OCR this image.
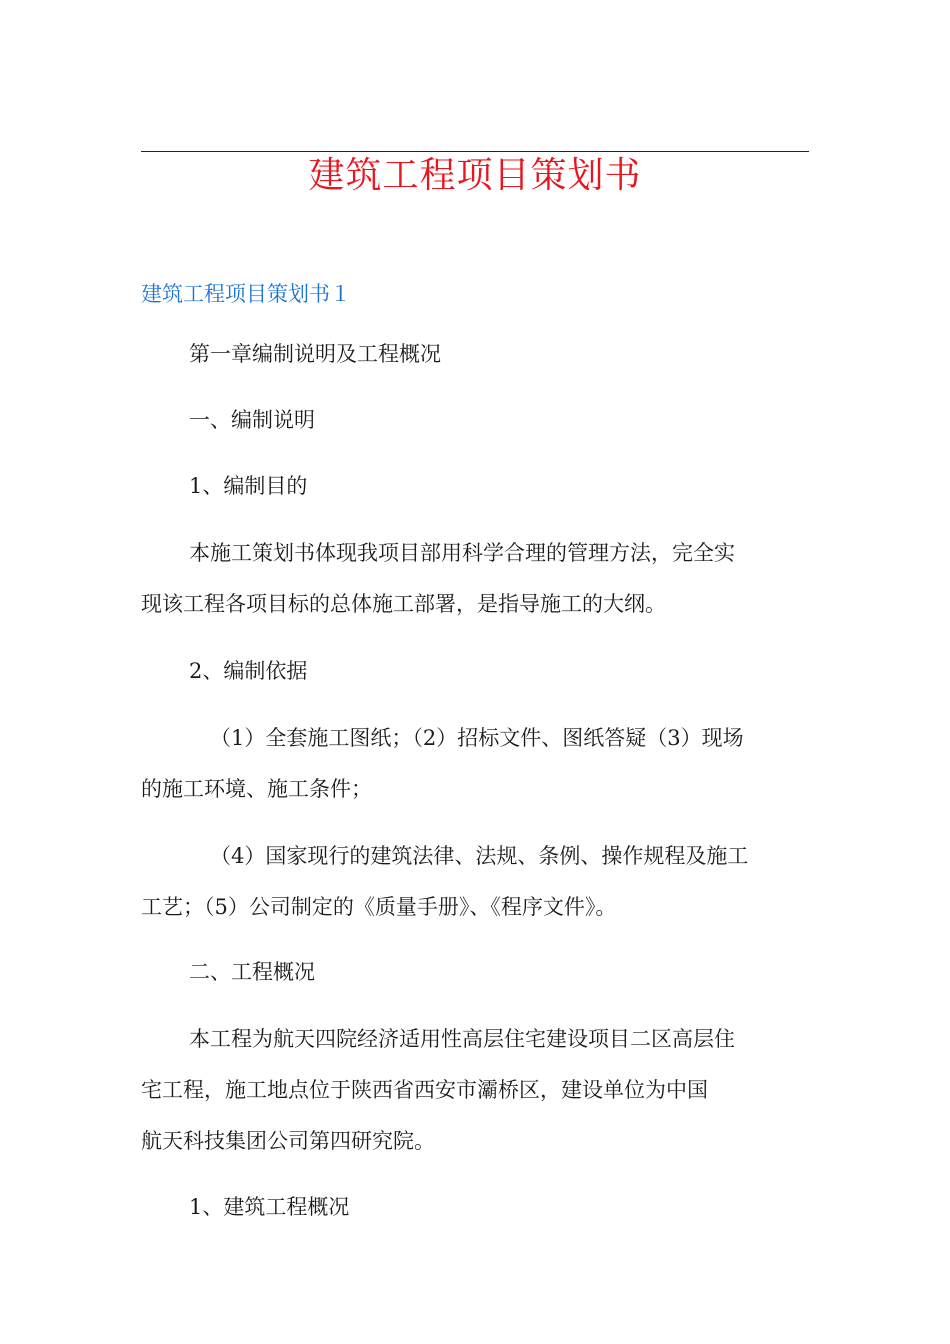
建筑工程项目策划书
建筑工程项目策划书１
第一章编制说明及工程概况
一、编制说明
1、编制目的
本施工策划书体现我项目部用科学合理的管理方法，完全实
现该工程各项目标的总体施工部署，是指导施工的大纲。
2、编制依据
（1）全套施工图纸；（2）招标文件、图纸答疑（3）现场
的施工环境、施工条件；
（4）国家现行的建筑法律、法规、条例、操作规程及施工
工艺；（5）公司制定的《质量手册》、《程序文件》。
二、工程概况
本工程为航天四院经济适用性高层住宅建设项目二区高层住
宅工程，施工地点位于陕西省西安市灞桥区，建设单位为中国
航天科技集团公司第四研究院。
1、建筑工程概况
